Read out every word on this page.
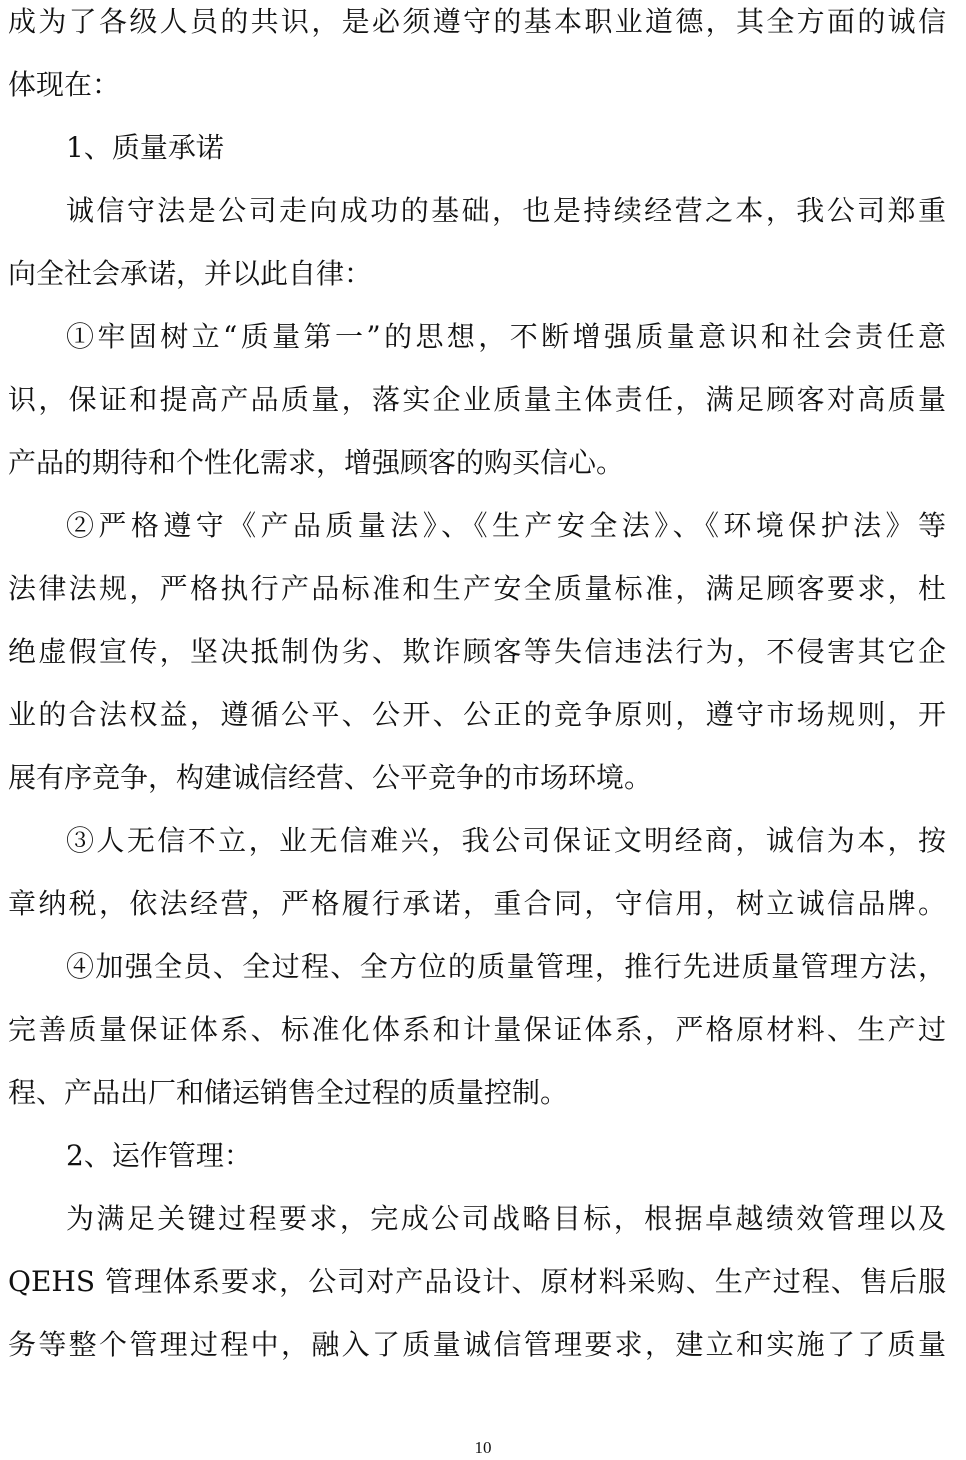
成为了各级人员的共识，是必须遵守的基本职业道德，其全方面的诚信
体现在：
1、质量承诺
诚信守法是公司走向成功的基础，也是持续经营之本，我公司郑重
向全社会承诺，并以此自律：
①牢固树立“质量第一”的思想，不断增强质量意识和社会责任意
识，保证和提高产品质量，落实企业质量主体责任，满足顾客对高质量
产品的期待和个性化需求，增强顾客的购买信心。
②严格遵守《产品质量法》、《生产安全法》、《环境保护法》等
法律法规，严格执行产品标准和生产安全质量标准，满足顾客要求，杜
绝虚假宣传，坚决抵制伪劣、欺诈顾客等失信违法行为，不侵害其它企
业的合法权益，遵循公平、公开、公正的竞争原则，遵守市场规则，开
展有序竞争，构建诚信经营、公平竞争的市场环境。
③人无信不立，业无信难兴，我公司保证文明经商，诚信为本，按
章纳税，依法经营，严格履行承诺，重合同，守信用，树立诚信品牌。
④加强全员、全过程、全方位的质量管理，推行先进质量管理方法，
完善质量保证体系、标准化体系和计量保证体系，严格原材料、生产过
程、产品出厂和储运销售全过程的质量控制。
2、运作管理：
为满足关键过程要求，完成公司战略目标，根据卓越绩效管理以及
QEHS 管理体系要求，公司对产品设计、原材料采购、生产过程、售后服
务等整个管理过程中，融入了质量诚信管理要求，建立和实施了了质量
10
